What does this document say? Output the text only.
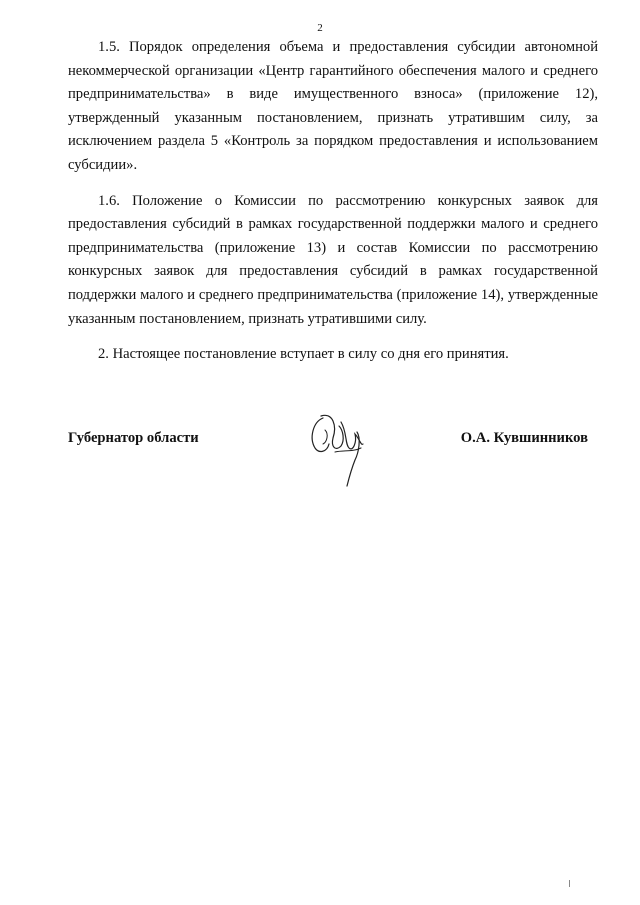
2

1.5. Порядок определения объема и предоставления субсидии автономной некоммерческой организации «Центр гарантийного обеспечения малого и среднего предпринимательства» в виде имущественного взноса» (приложение 12), утвержденный указанным постановлением, признать утратившим силу, за исключением раздела 5 «Контроль за порядком предоставления и использованием субсидии».

1.6. Положение о Комиссии по рассмотрению конкурсных заявок для предоставления субсидий в рамках государственной поддержки малого и среднего предпринимательства (приложение 13) и состав Комиссии по рассмотрению конкурсных заявок для предоставления субсидий в рамках государственной поддержки малого и среднего предпринимательства (приложение 14), утвержденные указанным постановлением, признать утратившими силу.

2. Настоящее постановление вступает в силу со дня его принятия.

Губернатор области	О.А. Кувшинников
